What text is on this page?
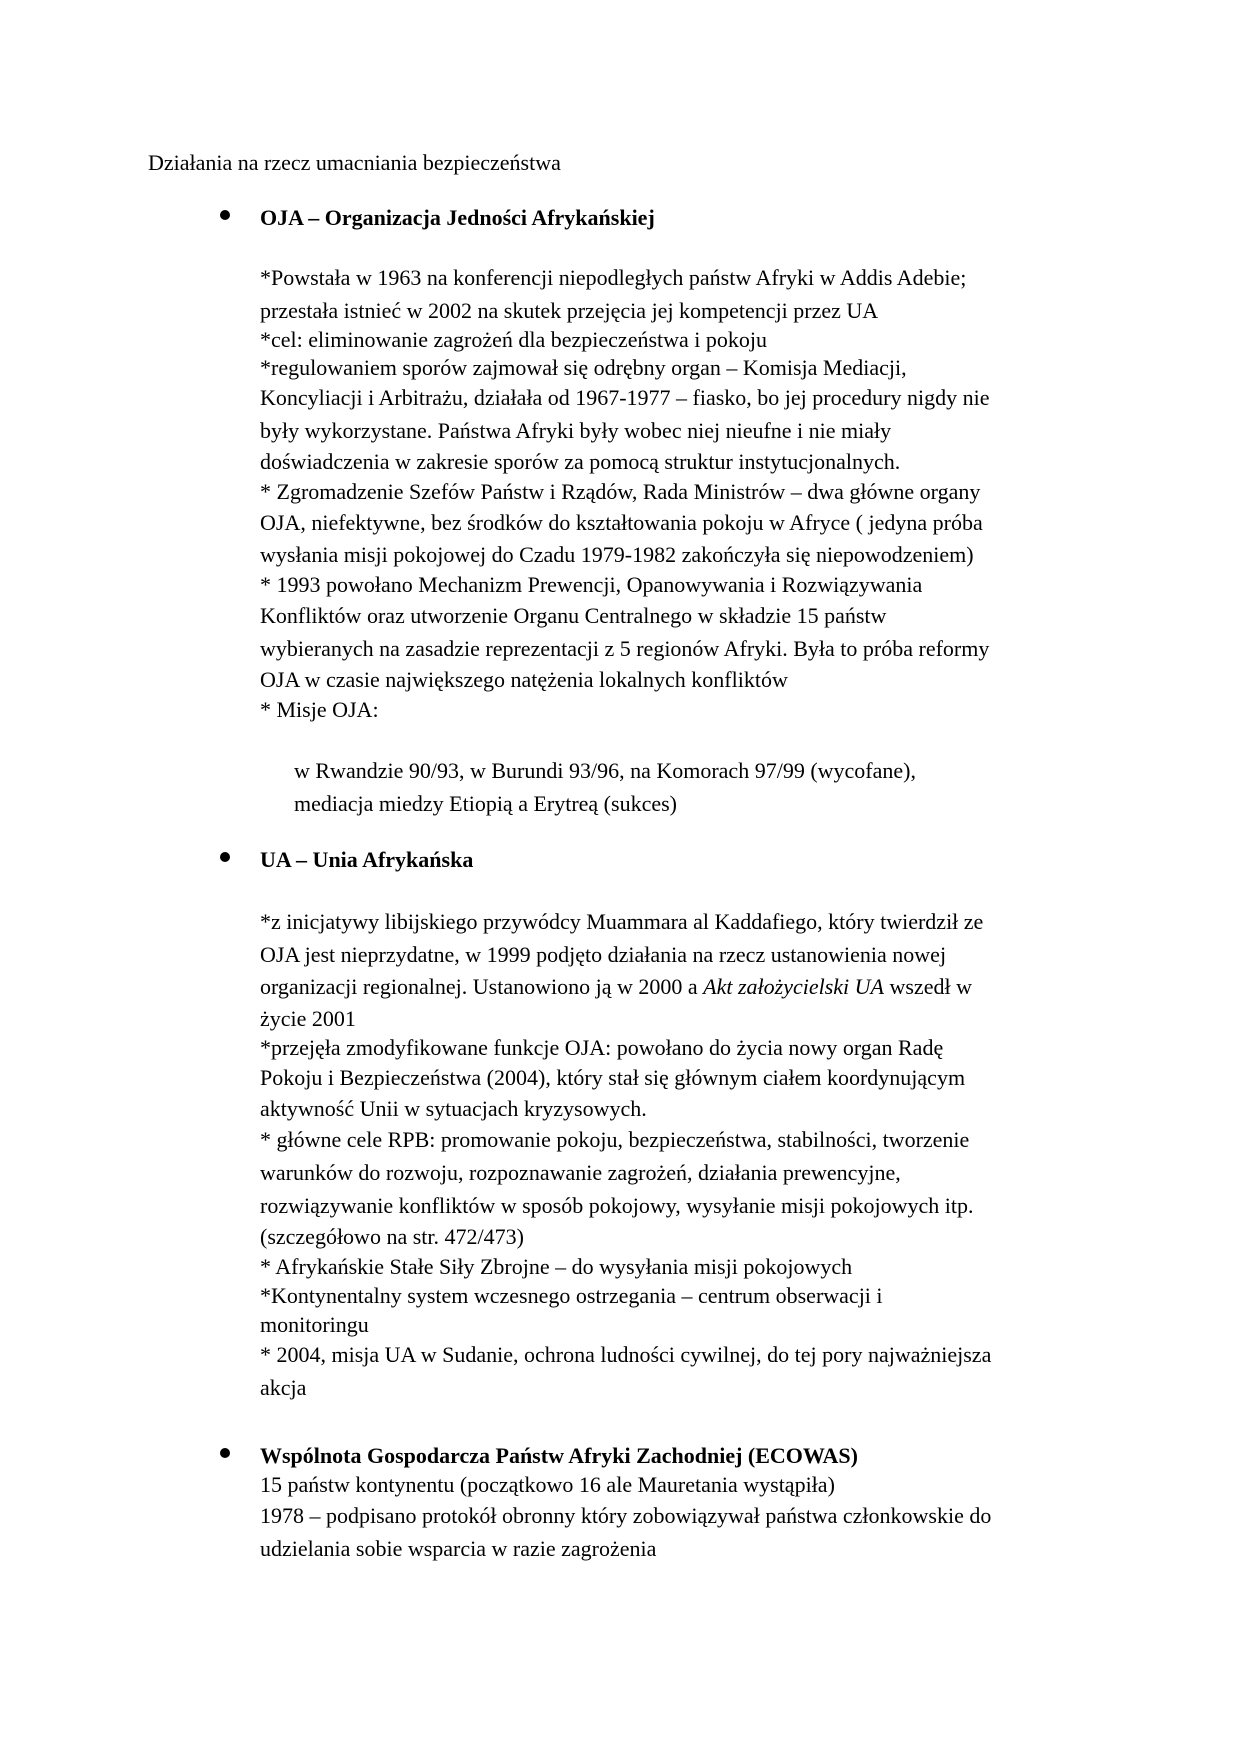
Działania na rzecz umacniania bezpieczeństwa
OJA – Organizacja Jedności Afrykańskiej
*Powstała w 1963 na konferencji niepodległych państw Afryki w Addis Adebie;
przestała istnieć w 2002 na skutek przejęcia jej kompetencji przez UA
*cel: eliminowanie zagrożeń dla bezpieczeństwa i pokoju
*regulowaniem sporów zajmował się odrębny organ – Komisja Mediacji,
Koncyliacji i Arbitrażu, działała od 1967-1977 – fiasko, bo jej procedury nigdy nie
były wykorzystane. Państwa Afryki były wobec niej nieufne i nie miały
doświadczenia w zakresie sporów za pomocą struktur instytucjonalnych.
* Zgromadzenie Szefów Państw i Rządów, Rada Ministrów – dwa główne organy
OJA, niefektywne, bez środków do kształtowania pokoju w Afryce ( jedyna próba
wysłania misji pokojowej do Czadu 1979-1982 zakończyła się niepowodzeniem)
* 1993 powołano Mechanizm Prewencji, Opanowywania i Rozwiązywania
Konfliktów oraz utworzenie Organu Centralnego w składzie 15 państw
wybieranych na zasadzie reprezentacji z 5 regionów Afryki. Była to próba reformy
OJA w czasie największego natężenia lokalnych konfliktów
* Misje OJA:
w Rwandzie 90/93, w Burundi 93/96, na Komorach 97/99 (wycofane),
mediacja miedzy Etiopią a Erytreą (sukces)
UA – Unia Afrykańska
*z inicjatywy libijskiego przywódcy Muammara al Kaddafiego, który twierdził ze
OJA jest nieprzydatne, w 1999 podjęto działania na rzecz ustanowienia nowej
organizacji regionalnej. Ustanowiono ją w 2000 a Akt założycielski UA wszedł w
życie 2001
*przejęła zmodyfikowane funkcje OJA: powołano do życia nowy organ Radę
Pokoju i Bezpieczeństwa (2004), który stał się głównym ciałem koordynującym
aktywność Unii w sytuacjach kryzysowych.
* główne cele RPB: promowanie pokoju, bezpieczeństwa, stabilności, tworzenie
warunków do rozwoju, rozpoznawanie zagrożeń, działania prewencyjne,
rozwiązywanie konfliktów w sposób pokojowy, wysyłanie misji pokojowych itp.
(szczegółowo na str. 472/473)
* Afrykańskie Stałe Siły Zbrojne – do wysyłania misji pokojowych
*Kontynentalny system wczesnego ostrzegania – centrum obserwacji i
monitoringu
* 2004, misja UA w Sudanie, ochrona ludności cywilnej, do tej pory najważniejsza
akcja
Wspólnota Gospodarcza Państw Afryki Zachodniej (ECOWAS)
15 państw kontynentu (początkowo 16 ale Mauretania wystąpiła)
1978 – podpisano protokół obronny który zobowiązywał państwa członkowskie do
udzielania sobie wsparcia w razie zagrożenia
